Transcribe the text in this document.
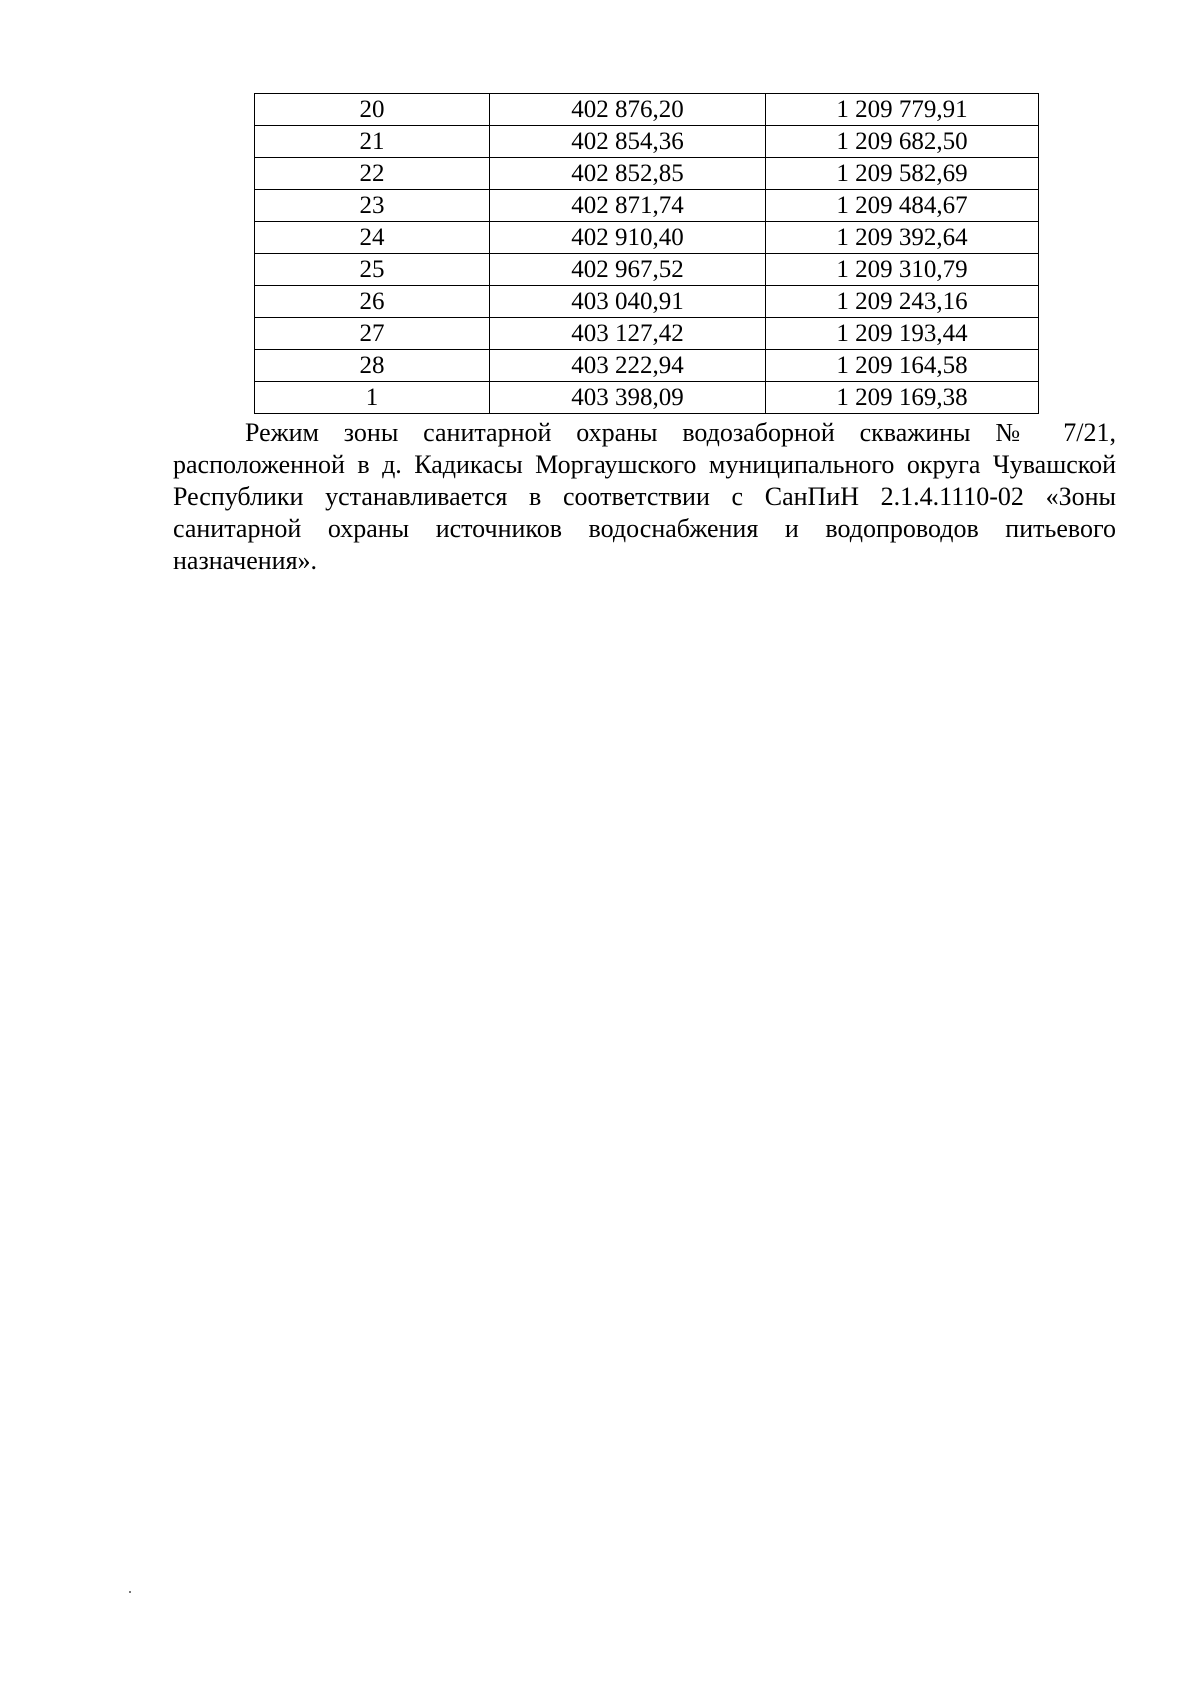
20	402 876,20	1 209 779,91
21	402 854,36	1 209 682,50
22	402 852,85	1 209 582,69
23	402 871,74	1 209 484,67
24	402 910,40	1 209 392,64
25	402 967,52	1 209 310,79
26	403 040,91	1 209 243,16
27	403 127,42	1 209 193,44
28	403 222,94	1 209 164,58
1	403 398,09	1 209 169,38

Режим зоны санитарной охраны водозаборной скважины № 7/21, расположенной в д. Кадикасы Моргаушского муниципального округа Чувашской Республики устанавливается в соответствии с СанПиН 2.1.4.1110-02 «Зоны санитарной охраны источников водоснабжения и водопроводов питьевого назначения».
